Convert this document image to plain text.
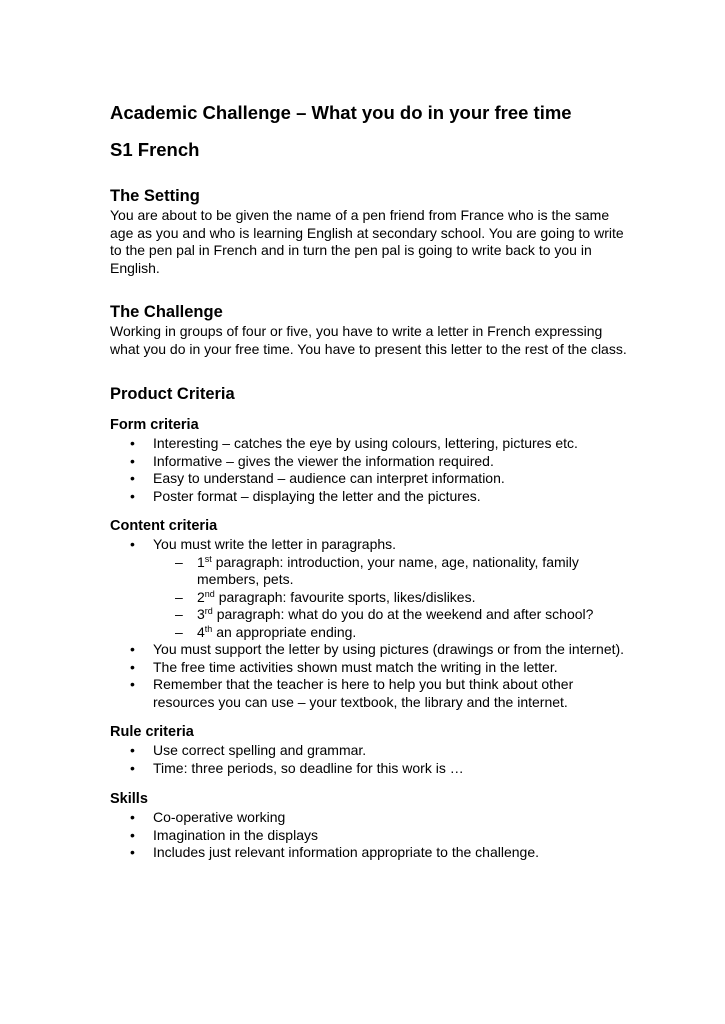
Academic Challenge – What you do in your free time
S1 French
The Setting

You are about to be given the name of a pen friend from France who is the same age as you and who is learning English at secondary school. You are going to write to the pen pal in French and in turn the pen pal is going to write back to you in English.

The Challenge

Working in groups of four or five, you have to write a letter in French expressing what you do in your free time. You have to present this letter to the rest of the class.

Product Criteria
Form criteria
• Interesting – catches the eye by using colours, lettering, pictures etc.
• Informative – gives the viewer the information required.
• Easy to understand – audience can interpret information.
• Poster format – displaying the letter and the pictures.
Content criteria
• You must write the letter in paragraphs.
– 1st paragraph: introduction, your name, age, nationality, family members, pets.
– 2nd paragraph: favourite sports, likes/dislikes.
– 3rd paragraph: what do you do at the weekend and after school?
– 4th an appropriate ending.
• You must support the letter by using pictures (drawings or from the internet).
• The free time activities shown must match the writing in the letter.
• Remember that the teacher is here to help you but think about other resources you can use – your textbook, the library and the internet.
Rule criteria
• Use correct spelling and grammar.
• Time: three periods, so deadline for this work is …
Skills
• Co-operative working
• Imagination in the displays
• Includes just relevant information appropriate to the challenge.
